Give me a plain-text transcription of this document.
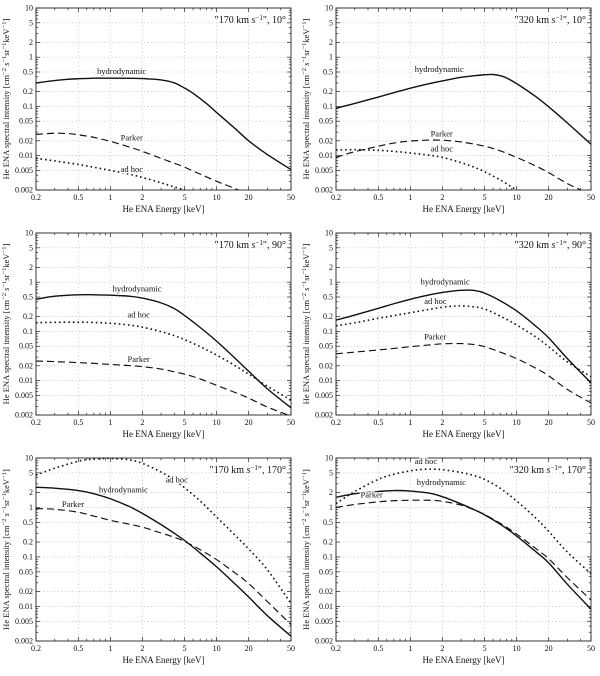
0.2	0.5	1	2	5	10	20	50
10
5
2
1
0.5
0.2
0.1
0.05
0.02
0.01
0.005
0.002
hydrodynamic
Parker
ad hoc
"170 km $s^{-1}$", 10°
He ENA Energy [keV]
He ENA spectral intensity [$cm^{-2}$ $s^{-1}sr^{-1}keV^{-1}$]
0.2	0.5	1	2	5	10	20	50
10
5
2
1
0.5
0.2
0.1
0.05
0.02
0.01
0.005
0.002
hydrodynamic
Parker
ad hoc
"320 km $s^{-1}$", 10°
He ENA Energy [keV]
He ENA spectral intensity [$cm^{-2}$ $s^{-1}sr^{-1}keV^{-1}$]
0.2	0.5	1	2	5	10	20	50
10
5
2
1
0.5
0.2
0.1
0.05
0.02
0.01
0.005
0.002
hydrodynamic
ad hoc
Parker
"170 km $s^{-1}$", 90°
He ENA Energy [keV]
He ENA spectral intensity [$cm^{-2}$ $s^{-1}sr^{-1}keV^{-1}$]
0.2	0.5	1	2	5	10	20	50
10
5
2
1
0.5
0.2
0.1
0.05
0.02
0.01
0.005
0.002
hydrodynamic
ad hoc
Parker
"320 km $s^{-1}$", 90°
He ENA Energy [keV]
He ENA spectral intensity [$cm^{-2}$ $s^{-1}sr^{-1}keV^{-1}$]
0.2	0.5	1	2	5	10	20	50
10
5
2
1
0.5
0.2
0.1
0.05
0.02
0.01
0.005
0.002
ad hoc
hydrodynamic
Parker
"170 km $s^{-1}$", 170°
He ENA Energy [keV]
He ENA spectral intensity [$cm^{-2}$ $s^{-1}sr^{-1}keV^{-1}$]
0.2	0.5	1	2	5	10	20	50
10
5
2
1
0.5
0.2
0.1
0.05
0.02
0.01
0.005
0.002
ad hoc
hydrodynamic
Parker
"320 km $s^{-1}$", 170°
He ENA Energy [keV]
He ENA spectral intensity [$cm^{-2}$ $s^{-1}sr^{-1}keV^{-1}$]
